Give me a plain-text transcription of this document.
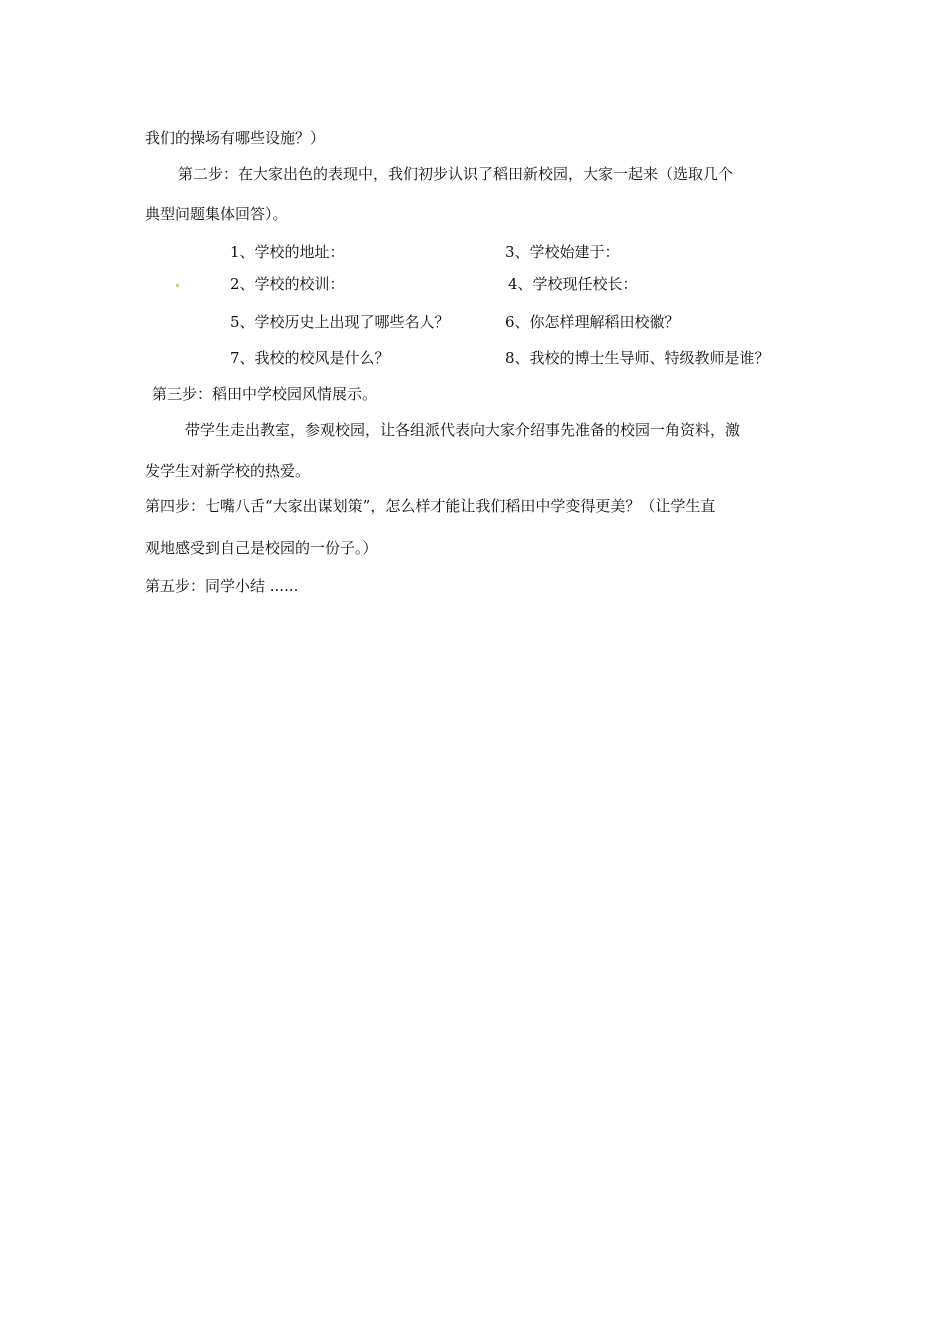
我们的操场有哪些设施？）
第二步：在大家出色的表现中，我们初步认识了稻田新校园，大家一起来（选取几个
典型问题集体回答）。
1、学校的地址：	3、学校始建于：
2、学校的校训：	4、学校现任校长：
5、学校历史上出现了哪些名人？	6、你怎样理解稻田校徽？
7、我校的校风是什么？	8、我校的博士生导师、特级教师是谁？
第三步：稻田中学校园风情展示。
带学生走出教室，参观校园，让各组派代表向大家介绍事先准备的校园一角资料，激
发学生对新学校的热爱。
第四步：七嘴八舌“大家出谋划策”，怎么样才能让我们稻田中学变得更美？（让学生直
观地感受到自己是校园的一份子。）
第五步：同学小结 ......
